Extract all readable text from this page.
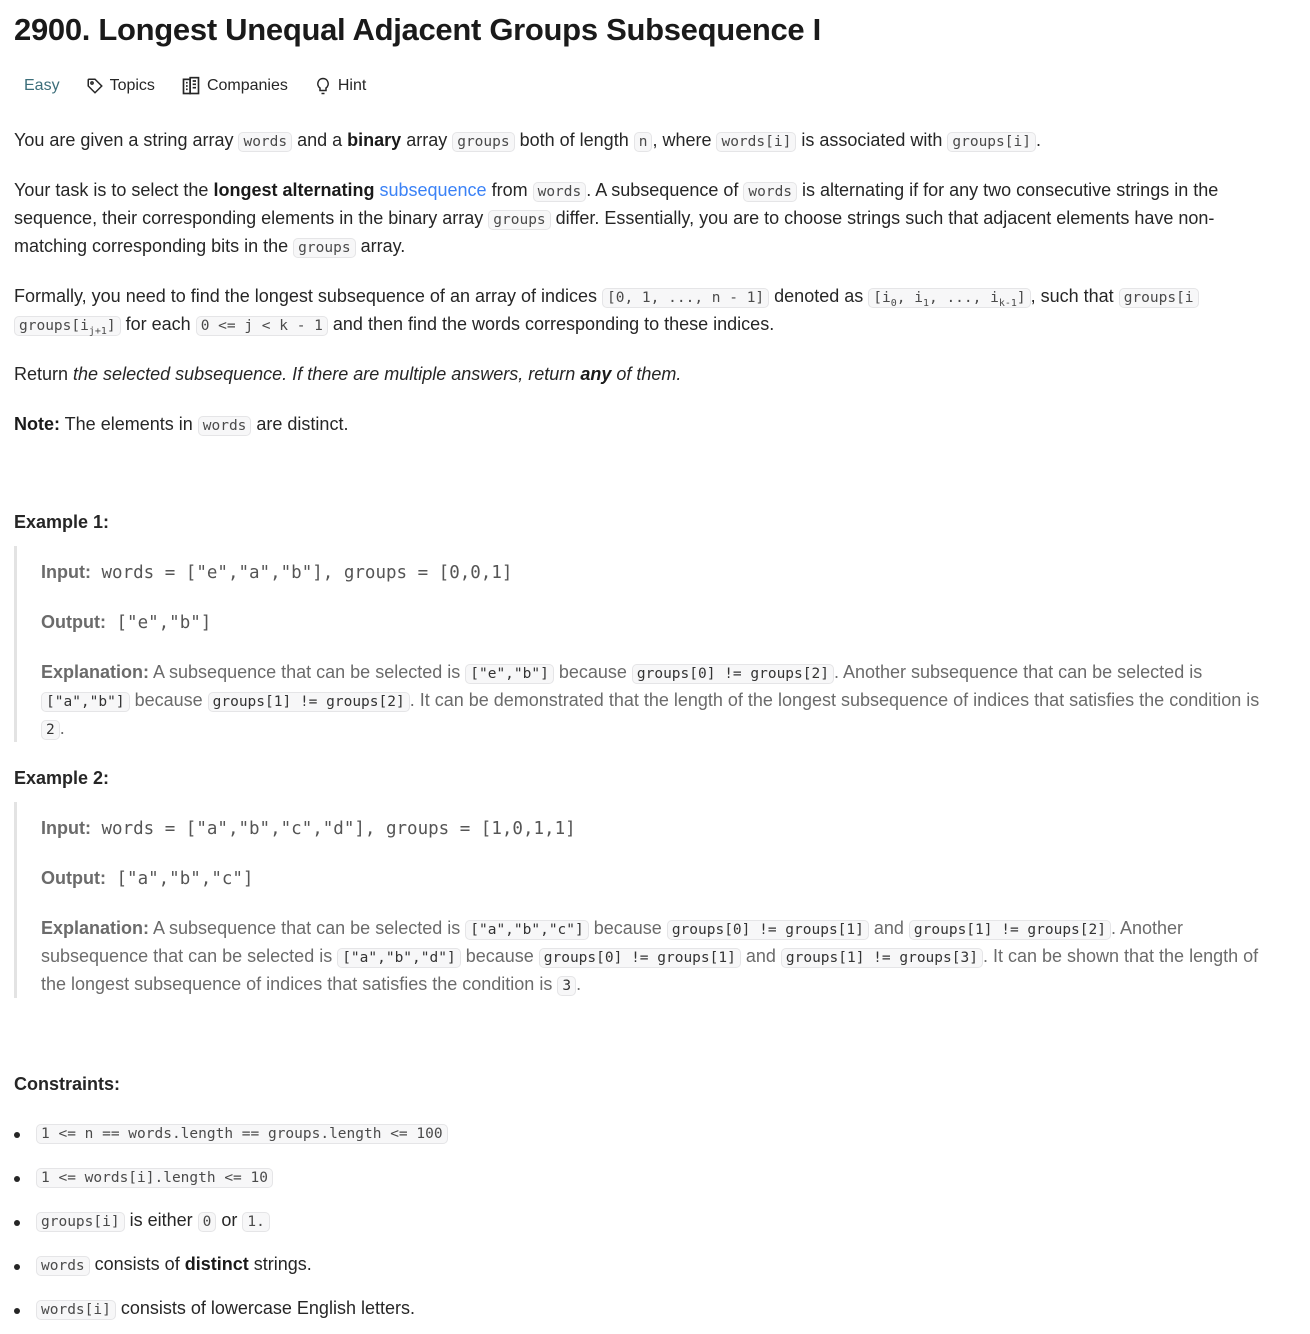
2900. Longest Unequal Adjacent Groups Subsequence I
Easy	Topics	Companies	Hint
You are given a string array words and a binary array groups both of length n , where words[i] is associated with groups[i] .
Your task is to select the longest alternating subsequence from words . A subsequence of words is alternating if for any two consecutive strings in the
sequence, their corresponding elements in the binary array groups differ. Essentially, you are to choose strings such that adjacent elements have non-
matching corresponding bits in the groups array.
Formally, you need to find the longest subsequence of an array of indices [0, 1, ..., n - 1] denoted as [$i_0$, $i_1$, ..., $i_{k-1}$] , such that groups[i
$groups[i_{j+1}]$ for each 0 <= j < k - 1 and then find the words corresponding to these indices.
Return the selected subsequence. If there are multiple answers, return any of them.
Note: The elements in words are distinct.
Example 1:
Input: words = ["e","a","b"], groups = [0,0,1]
Output: ["e","b"]
Explanation: A subsequence that can be selected is ["e","b"] because groups[0] != groups[2] . Another subsequence that can be selected is
["a","b"] because groups[1] != groups[2] . It can be demonstrated that the length of the longest subsequence of indices that satisfies the condition is
2 .
Example 2:
Input: words = ["a","b","c","d"], groups = [1,0,1,1]
Output: ["a","b","c"]
Explanation: A subsequence that can be selected is ["a","b","c"] because groups[0] != groups[1] and groups[1] != groups[2] . Another
subsequence that can be selected is ["a","b","d"] because groups[0] != groups[1] and groups[1] != groups[3] . It can be shown that the length of
the longest subsequence of indices that satisfies the condition is 3 .
Constraints:
1 <= n == words.length == groups.length <= 100
1 <= words[i].length <= 10
groups[i] is either 0 or 1.
words consists of distinct strings.
words[i] consists of lowercase English letters.
